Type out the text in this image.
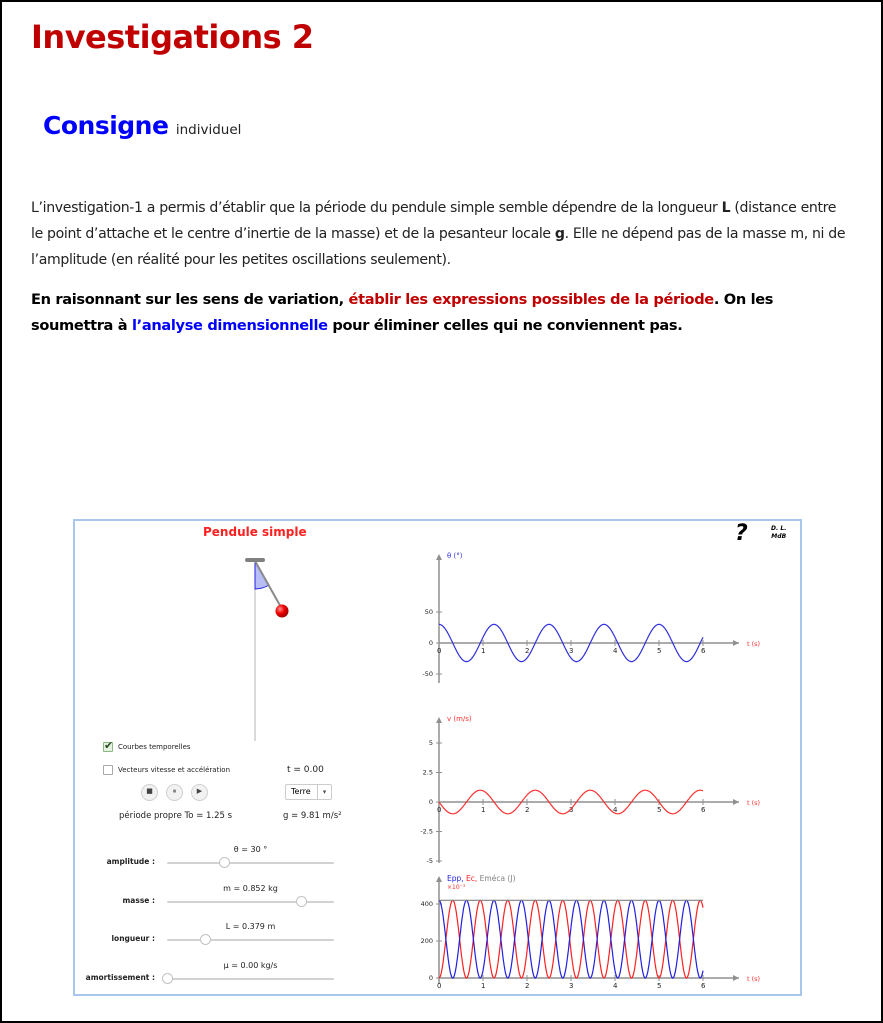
Investigations 2
Consigne individuel

L’investigation-1 a permis d’établir que la période du pendule simple semble dépendre de la longueur L (distance entre le point d’attache et le centre d’inertie de la masse) et de la pesanteur locale g. Elle ne dépend pas de la masse m, ni de l’amplitude (en réalité pour les petites oscillations seulement).

En raisonnant sur les sens de variation, établir les expressions possibles de la période. On les soumettra à l’analyse dimensionnelle pour éliminer celles qui ne conviennent pas.

Pendule simple	?	D. L.
MdB
✔
Courbes temporelles
Vecteurs vitesse et accélération	t = 0.00
■	⏸	▶	Terre	▾
période propre To = 1.25 s	g = 9.81 m/s²
amplitude :
θ = 30 °
masse :
m = 0.852 kg
longueur :
L = 0.379 m
amortissement :
μ = 0.00 kg/s
t (s)
0	1	2	3	4	5	6
50
0
-50
θ (°)
t (s)
0	1	2	3	4	5	6
5
2.5
0
-2.5
-5
v (m/s)
t (s)
0	1	2	3	4	5	6
400
200
0
Epp, Ec, Eméca (J)
×10⁻³
